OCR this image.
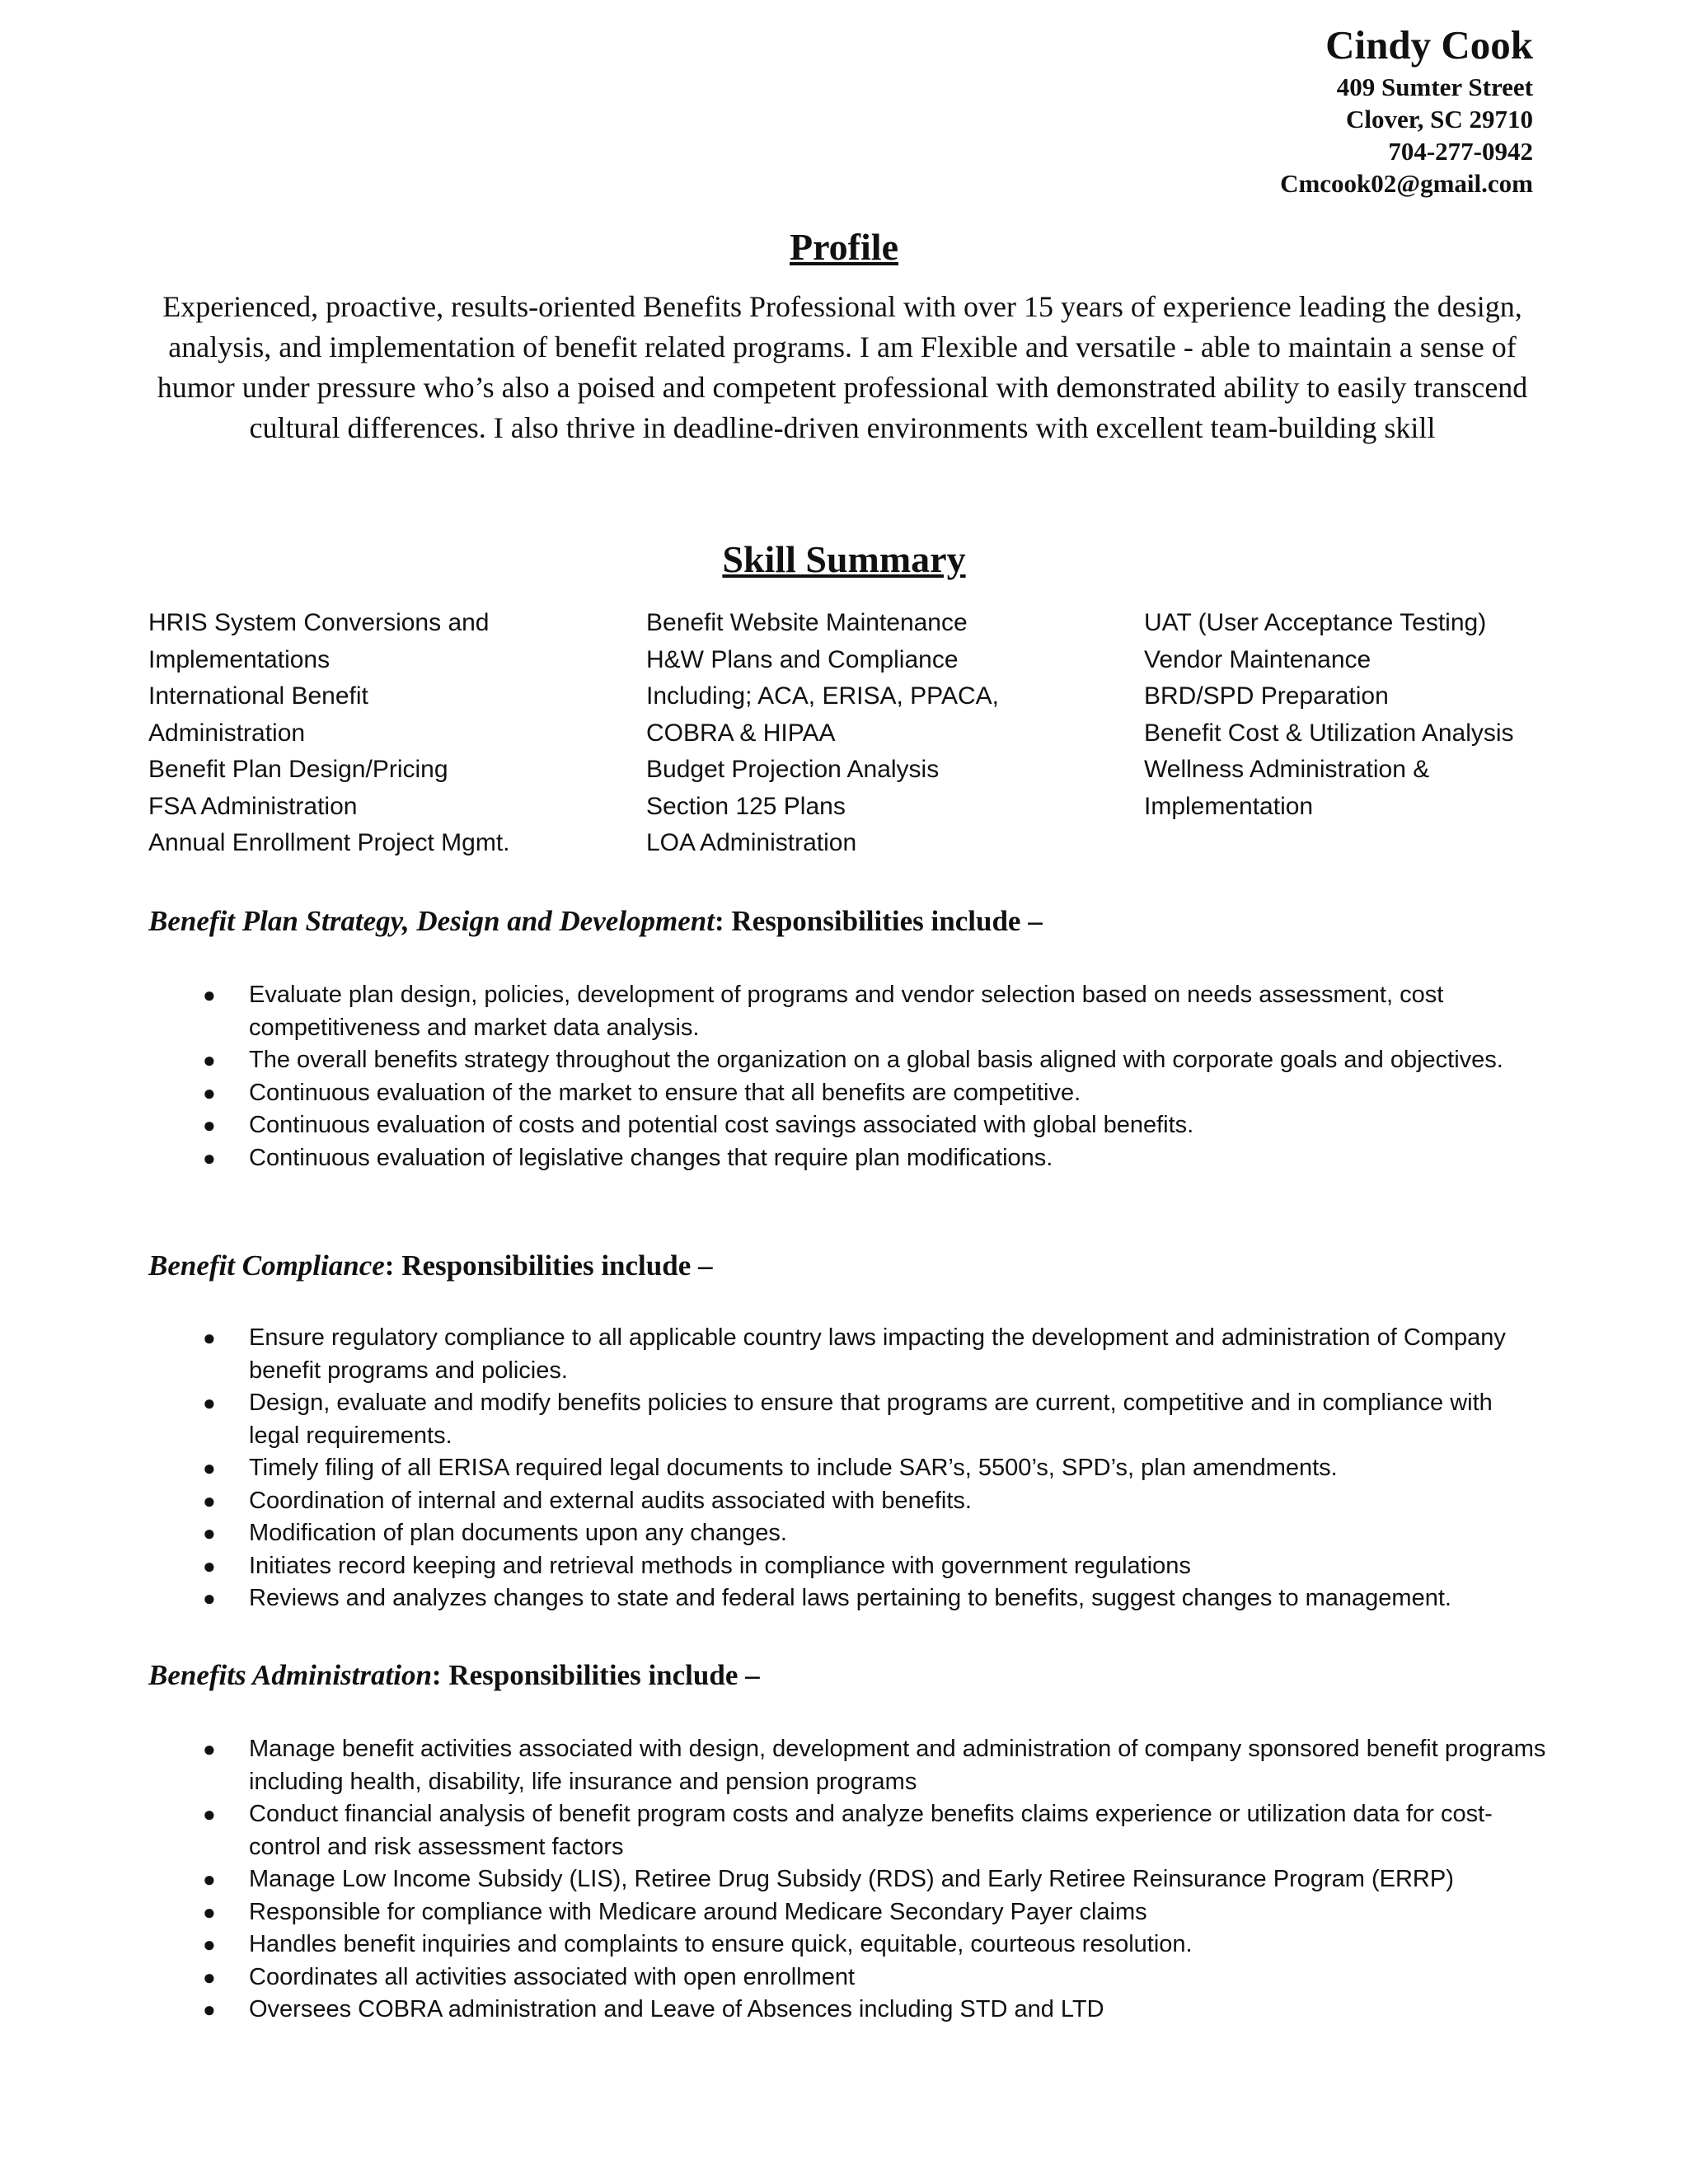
Cindy Cook
409 Sumter Street
Clover, SC 29710
704-277-0942
Cmcook02@gmail.com
Profile
Experienced, proactive, results-oriented Benefits Professional with over 15 years of experience leading the design, analysis, and implementation of benefit related programs. I am Flexible and versatile - able to maintain a sense of humor under pressure who’s also a poised and competent professional with demonstrated ability to easily transcend cultural differences. I also thrive in deadline-driven environments with excellent team-building skill
Skill Summary
HRIS System Conversions and
Implementations
International Benefit
Administration
Benefit Plan Design/Pricing
FSA Administration
Annual Enrollment Project Mgmt.
Benefit Website Maintenance
H&W Plans and Compliance
Including; ACA, ERISA, PPACA,
COBRA & HIPAA
Budget Projection Analysis
Section 125 Plans
LOA Administration
UAT (User Acceptance Testing)
Vendor Maintenance
BRD/SPD Preparation
Benefit Cost & Utilization Analysis
Wellness Administration &
Implementation
Benefit Plan Strategy, Design and Development: Responsibilities include –
● Evaluate plan design, policies, development of programs and vendor selection based on needs assessment, cost competitiveness and market data analysis.
● The overall benefits strategy throughout the organization on a global basis aligned with corporate goals and objectives.
● Continuous evaluation of the market to ensure that all benefits are competitive.
● Continuous evaluation of costs and potential cost savings associated with global benefits.
● Continuous evaluation of legislative changes that require plan modifications.
Benefit Compliance: Responsibilities include –
● Ensure regulatory compliance to all applicable country laws impacting the development and administration of Company benefit programs and policies.
● Design, evaluate and modify benefits policies to ensure that programs are current, competitive and in compliance with legal requirements.
● Timely filing of all ERISA required legal documents to include SAR’s, 5500’s, SPD’s, plan amendments.
● Coordination of internal and external audits associated with benefits.
● Modification of plan documents upon any changes.
● Initiates record keeping and retrieval methods in compliance with government regulations
● Reviews and analyzes changes to state and federal laws pertaining to benefits, suggest changes to management.
Benefits Administration: Responsibilities include –
● Manage benefit activities associated with design, development and administration of company sponsored benefit programs including health, disability, life insurance and pension programs
● Conduct financial analysis of benefit program costs and analyze benefits claims experience or utilization data for cost-control and risk assessment factors
● Manage Low Income Subsidy (LIS), Retiree Drug Subsidy (RDS) and Early Retiree Reinsurance Program (ERRP)
● Responsible for compliance with Medicare around Medicare Secondary Payer claims
● Handles benefit inquiries and complaints to ensure quick, equitable, courteous resolution.
● Coordinates all activities associated with open enrollment
● Oversees COBRA administration and Leave of Absences including STD and LTD
